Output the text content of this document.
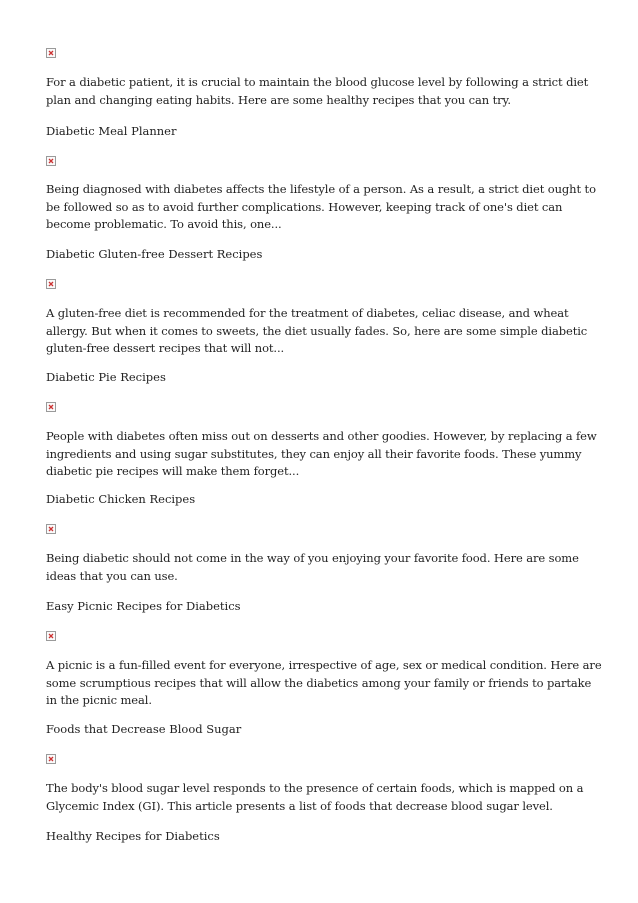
For a diabetic patient, it is crucial to maintain the blood glucose level by following a strict diet plan and changing eating habits. Here are some healthy recipes that you can try.

Diabetic Meal Planner

Being diagnosed with diabetes affects the lifestyle of a person. As a result, a strict diet ought to be followed so as to avoid further complications. However, keeping track of one's diet can become problematic. To avoid this, one...

Diabetic Gluten-free Dessert Recipes

A gluten-free diet is recommended for the treatment of diabetes, celiac disease, and wheat allergy. But when it comes to sweets, the diet usually fades. So, here are some simple diabetic gluten-free dessert recipes that will not...

Diabetic Pie Recipes

People with diabetes often miss out on desserts and other goodies. However, by replacing a few ingredients and using sugar substitutes, they can enjoy all their favorite foods. These yummy diabetic pie recipes will make them forget...

Diabetic Chicken Recipes

Being diabetic should not come in the way of you enjoying your favorite food. Here are some ideas that you can use.

Easy Picnic Recipes for Diabetics

A picnic is a fun-filled event for everyone, irrespective of age, sex or medical condition. Here are some scrumptious recipes that will allow the diabetics among your family or friends to partake in the picnic meal.

Foods that Decrease Blood Sugar

The body's blood sugar level responds to the presence of certain foods, which is mapped on a Glycemic Index (GI). This article presents a list of foods that decrease blood sugar level.

Healthy Recipes for Diabetics
